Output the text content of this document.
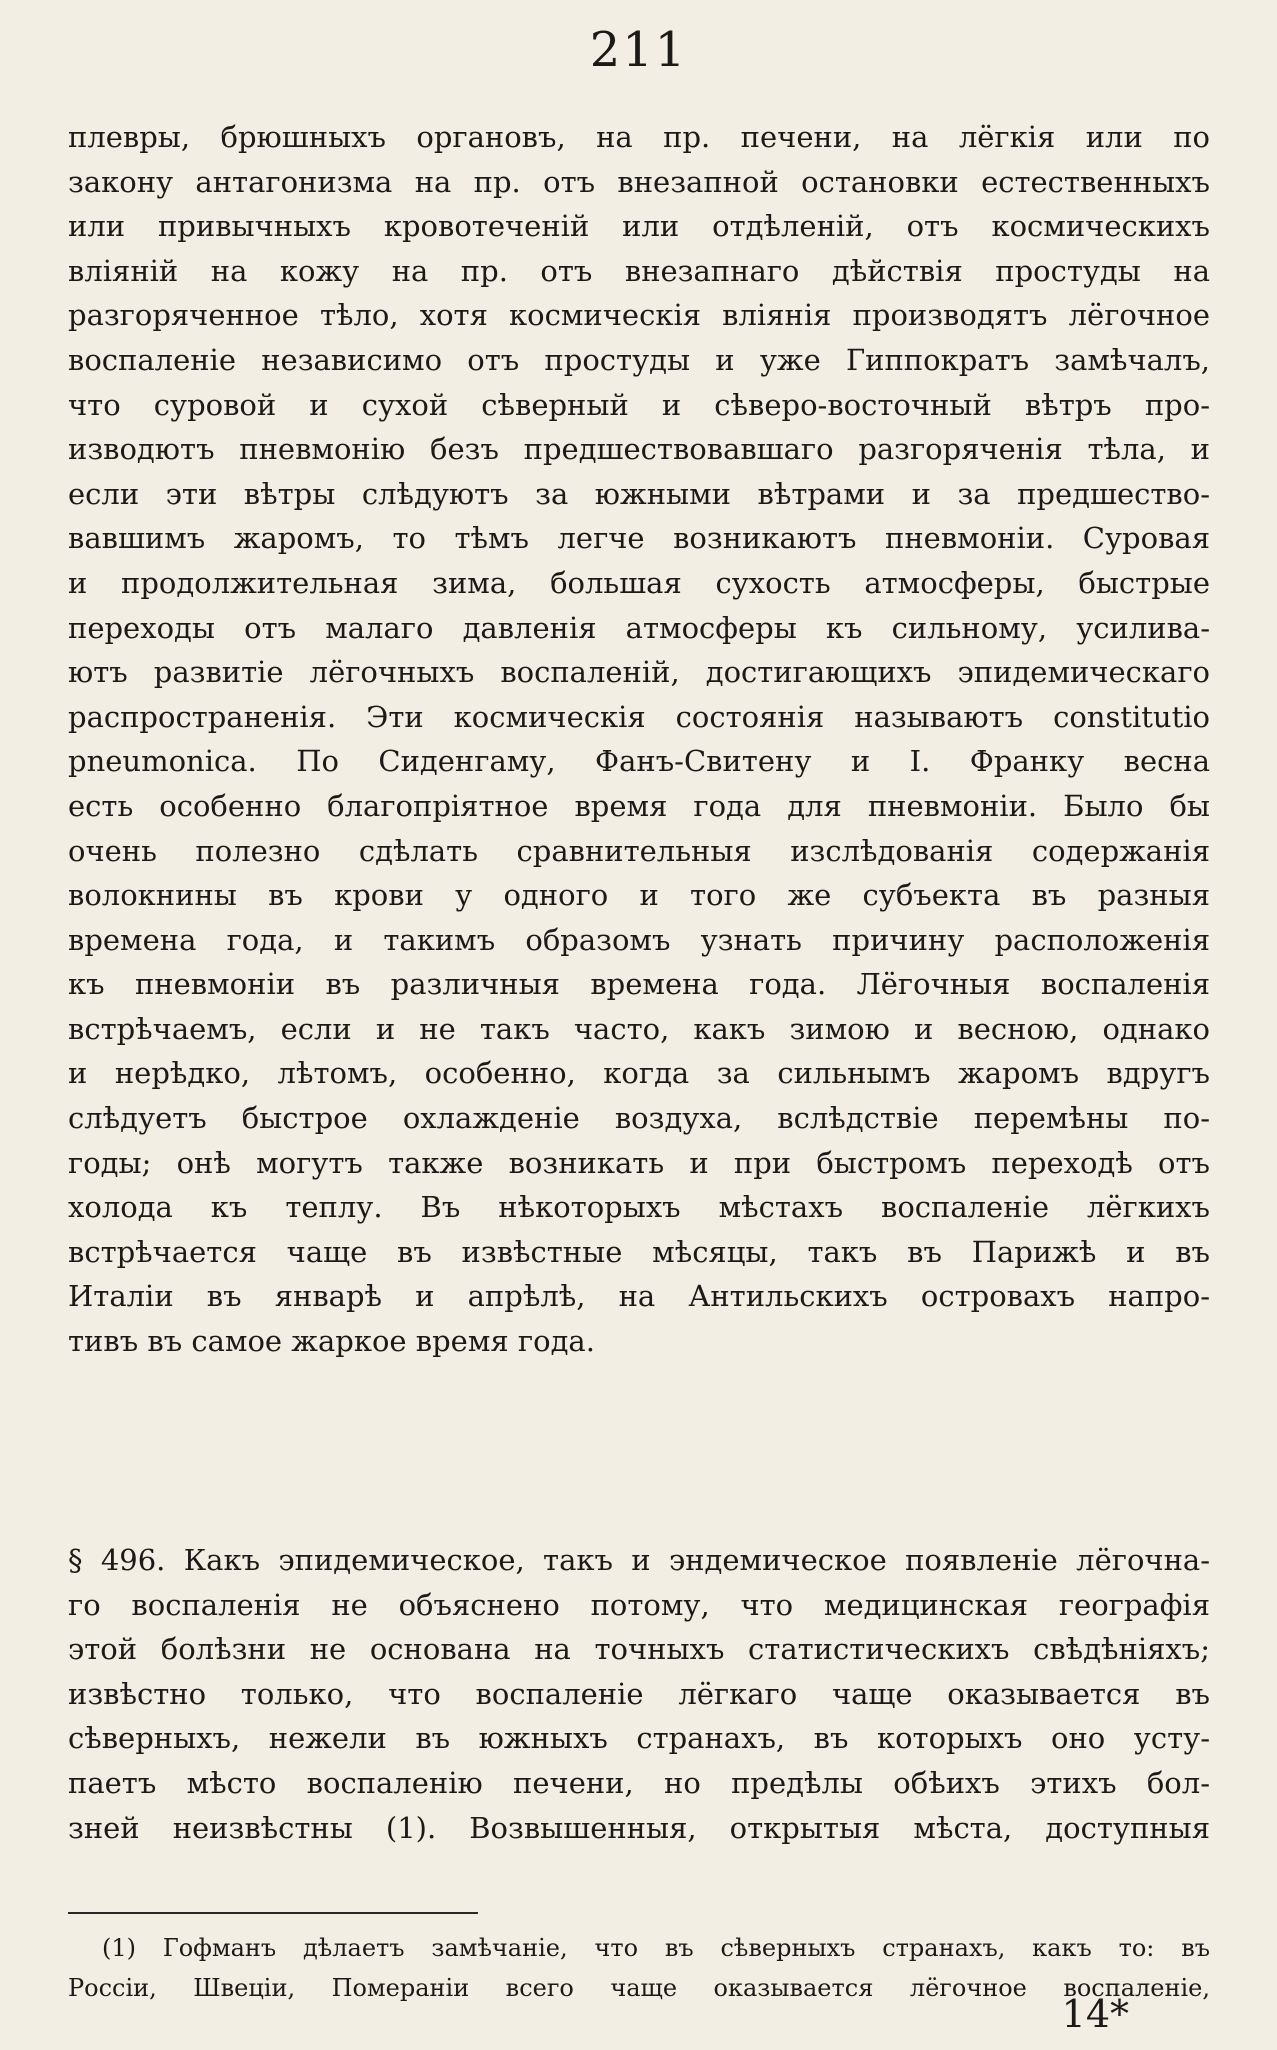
211
плевры, брюшныхъ органовъ, на пр. печени, на лёгкія или по
закону антагонизма на пр. отъ внезапной остановки естественныхъ
или привычныхъ кровотеченій или отдѣленій, отъ космическихъ
вліяній на кожу на пр. отъ внезапнаго дѣйствія простуды на
разгоряченное тѣло, хотя космическія вліянія производятъ лёгочное
воспаленіе независимо отъ простуды и уже Гиппократъ замѣчалъ,
что суровой и сухой сѣверный и сѣверо-восточный вѣтръ про-
изводютъ пневмонію безъ предшествовавшаго разгоряченія тѣла, и
если эти вѣтры слѣдуютъ за южными вѣтрами и за предшество-
вавшимъ жаромъ, то тѣмъ легче возникаютъ пневмоніи. Суровая
и продолжительная зима, большая сухость атмосферы, быстрые
переходы отъ малаго давленія атмосферы къ сильному, усилива-
ютъ развитіе лёгочныхъ воспаленій, достигающихъ эпидемическаго
распространенія. Эти космическія состоянія называютъ constitutio
pneumonica. По Сиденгаму, Фанъ-Свитену и I. Франку весна
есть особенно благопріятное время года для пневмоніи. Было бы
очень полезно сдѣлать сравнительныя изслѣдованія содержанія
волокнины въ крови у одного и того же субъекта въ разныя
времена года, и такимъ образомъ узнать причину расположенія
къ пневмоніи въ различныя времена года. Лёгочныя воспаленія
встрѣчаемъ, если и не такъ часто, какъ зимою и весною, однако
и нерѣдко, лѣтомъ, особенно, когда за сильнымъ жаромъ вдругъ
слѣдуетъ быстрое охлажденіе воздуха, вслѣдствіе перемѣны по-
годы; онѣ могутъ также возникать и при быстромъ переходѣ отъ
холода къ теплу. Въ нѣкоторыхъ мѣстахъ воспаленіе лёгкихъ
встрѣчается чаще въ извѣстные мѣсяцы, такъ въ Парижѣ и въ
Италіи въ январѣ и апрѣлѣ, на Антильскихъ островахъ напро-
тивъ въ самое жаркое время года.
§ 496. Какъ эпидемическое, такъ и эндемическое появленіе лёгочна-
го воспаленія не объяснено потому, что медицинская географія
этой болѣзни не основана на точныхъ статистическихъ свѣдѣніяхъ;
извѣстно только, что воспаленіе лёгкаго чаще оказывается въ
сѣверныхъ, нежели въ южныхъ странахъ, въ которыхъ оно усту-
паетъ мѣсто воспаленію печени, но предѣлы обѣихъ этихъ бол-
зней неизвѣстны (1). Возвышенныя, открытыя мѣста, доступныя
(1) Гофманъ дѣлаетъ замѣчаніе, что въ сѣверныхъ странахъ, какъ то: въ
Россіи, Швеціи, Помераніи всего чаще оказывается лёгочное воспаленіе,
14*
